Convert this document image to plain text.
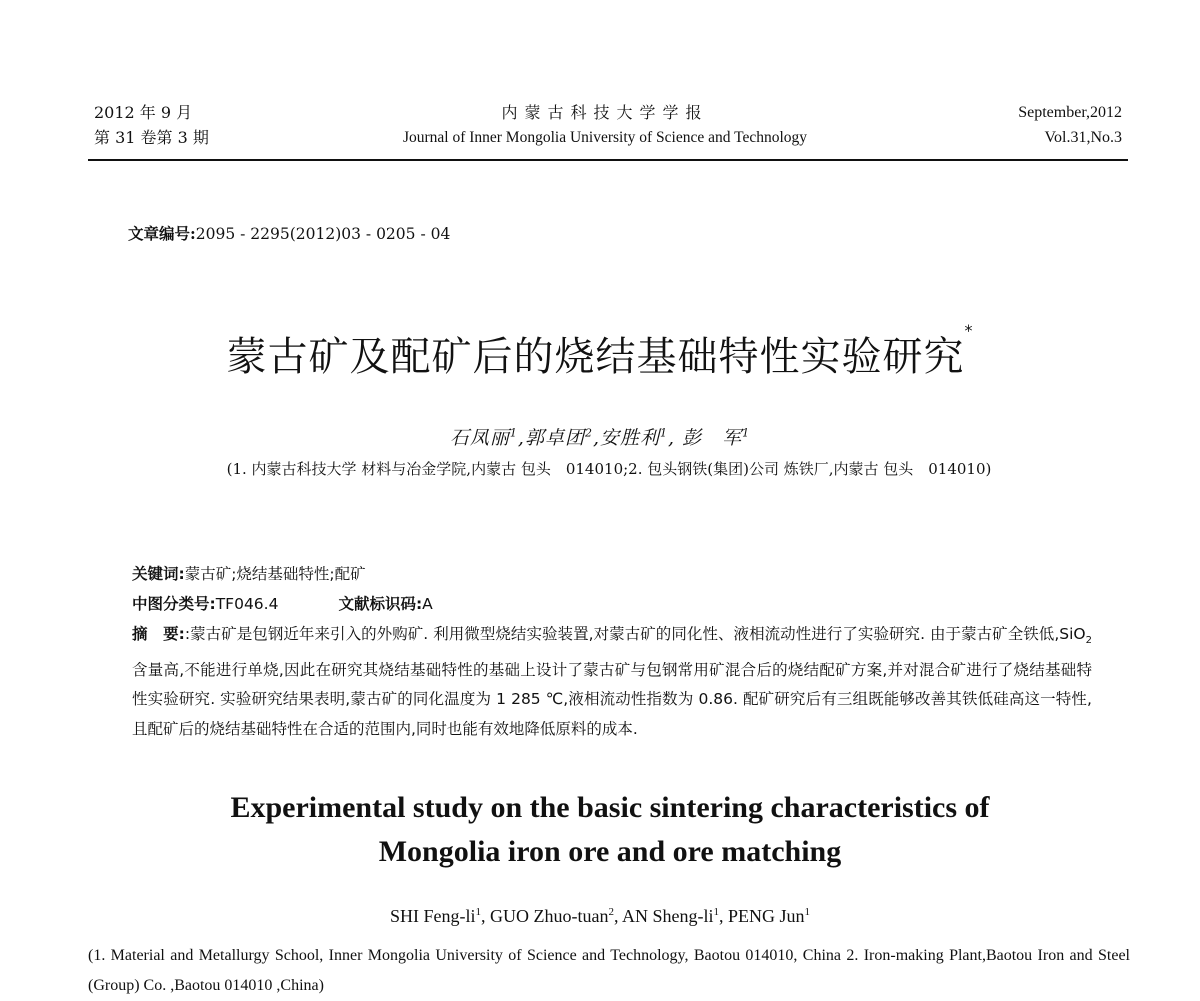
2012 年 9 月
第 31 卷第 3 期
内蒙古科技大学学报
Journal of Inner Mongolia University of Science and Technology
September,2012
Vol.31,No.3
文章编号:2095 - 2295(2012)03 - 0205 - 04
蒙古矿及配矿后的烧结基础特性实验研究*
石凤丽$^1$,郭卓团$^2$,安胜利$^1$, 彭　军$^1$
(1. 内蒙古科技大学 材料与冶金学院,内蒙古 包头　014010;2. 包头钢铁(集团)公司 炼铁厂,内蒙古 包头　014010)
关键词:蒙古矿;烧结基础特性;配矿
中图分类号:TF046.4	文献标识码:A
摘　要::蒙古矿是包钢近年来引入的外购矿. 利用微型烧结实验装置,对蒙古矿的同化性、液相流动性进行了实验研究. 由于蒙古矿全铁低,SiO$_2$ 含量高,不能进行单烧,因此在研究其烧结基础特性的基础上设计了蒙古矿与包钢常用矿混合后的烧结配矿方案,并对混合矿进行了烧结基础特性实验研究. 实验研究结果表明,蒙古矿的同化温度为 1 285 ℃,液相流动性指数为 0.86. 配矿研究后有三组既能够改善其铁低硅高这一特性,且配矿后的烧结基础特性在合适的范围内,同时也能有效地降低原料的成本.
Experimental study on the basic sintering characteristics of
Mongolia iron ore and ore matching
SHI Feng-$li^1$, GUO Zhuo-tuan$^2$, AN Sheng-$li^1$, PENG Jun$^1$
(1. Material and Metallurgy School, Inner Mongolia University of Science and Technology, Baotou 014010, China 2. Iron-making Plant,Baotou Iron and Steel (Group) Co. ,Baotou 014010 ,China)
